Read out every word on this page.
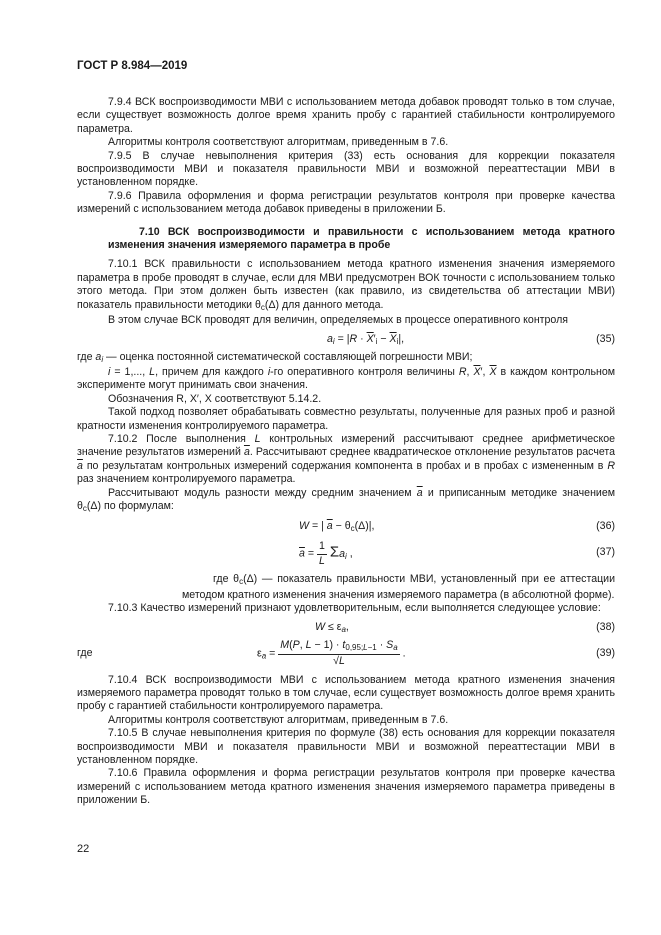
ГОСТ Р 8.984—2019

7.9.4 ВСК воспроизводимости МВИ с использованием метода добавок проводят только в том случае, если существует возможность долгое время хранить пробу с гарантией стабильности контролируемого параметра.

Алгоритмы контроля соответствуют алгоритмам, приведенным в 7.6.

7.9.5 В случае невыполнения критерия (33) есть основания для коррекции показателя воспроизводимости МВИ и показателя правильности МВИ и возможной переаттестации МВИ в установленном порядке.

7.9.6 Правила оформления и форма регистрации результатов контроля при проверке качества измерений с использованием метода добавок приведены в приложении Б.

7.10 ВСК воспроизводимости и правильности с использованием метода кратного изменения значения измеряемого параметра в пробе

7.10.1 ВСК правильности с использованием метода кратного изменения значения измеряемого параметра в пробе проводят в случае, если для МВИ предусмотрен ВОК точности с использованием только этого метода. При этом должен быть известен (как правило, из свидетельства об аттестации МВИ) показатель правильности методики $\theta_c(\Delta)$ для данного метода.

В этом случае ВСК проводят для величин, определяемых в процессе оперативного контроля

$a_i = |R \cdot \overline{X}'_i - \overline{X}_i|$,	(35)

где $a_i$ — оценка постоянной систематической составляющей погрешности МВИ;

i = 1,..., L, причем для каждого i-го оперативного контроля величины R, $\overline{X}'$, $\overline{X}$ в каждом контрольном эксперименте могут принимать свои значения.

Обозначения R, X′, X соответствуют 5.14.2.

Такой подход позволяет обрабатывать совместно результаты, полученные для разных проб и разной кратности изменения контролируемого параметра.

7.10.2 После выполнения L контрольных измерений рассчитывают среднее арифметическое значение результатов измерений $\overline{a}$. Рассчитывают среднее квадратическое отклонение результатов расчета $\overline{a}$ по результатам контрольных измерений содержания компонента в пробах и в пробах с измененным в R раз значением контролируемого параметра.

Рассчитывают модуль разности между средним значением $\overline{a}$ и приписанным методике значением $\theta_c(\Delta)$ по формулам:

W = | $\overline{a} - \theta_c(\Delta)|$,	(36)
$\overline{a} = \frac{1}{L} \Sigma a_i$ ,	(37)

где $\theta_c(\Delta)$ — показатель правильности МВИ, установленный при ее аттестации методом кратного изменения значения измеряемого параметра (в абсолютной форме).

7.10.3 Качество измерений признают удовлетворительным, если выполняется следующее условие:

$W \le \varepsilon_a$,	(38)
где	$\varepsilon_a = \frac{M(P, L - 1) \cdot t_{0,95;L-1} \cdot S_a}{√L}$ .	(39)

7.10.4 ВСК воспроизводимости МВИ с использованием метода кратного изменения значения измеряемого параметра проводят только в том случае, если существует возможность долгое время хранить пробу с гарантией стабильности контролируемого параметра.

Алгоритмы контроля соответствуют алгоритмам, приведенным в 7.6.

7.10.5 В случае невыполнения критерия по формуле (38) есть основания для коррекции показателя воспроизводимости МВИ и показателя правильности МВИ и возможной переаттестации МВИ в установленном порядке.

7.10.6 Правила оформления и форма регистрации результатов контроля при проверке качества измерений с использованием метода кратного изменения значения измеряемого параметра приведены в приложении Б.

22
